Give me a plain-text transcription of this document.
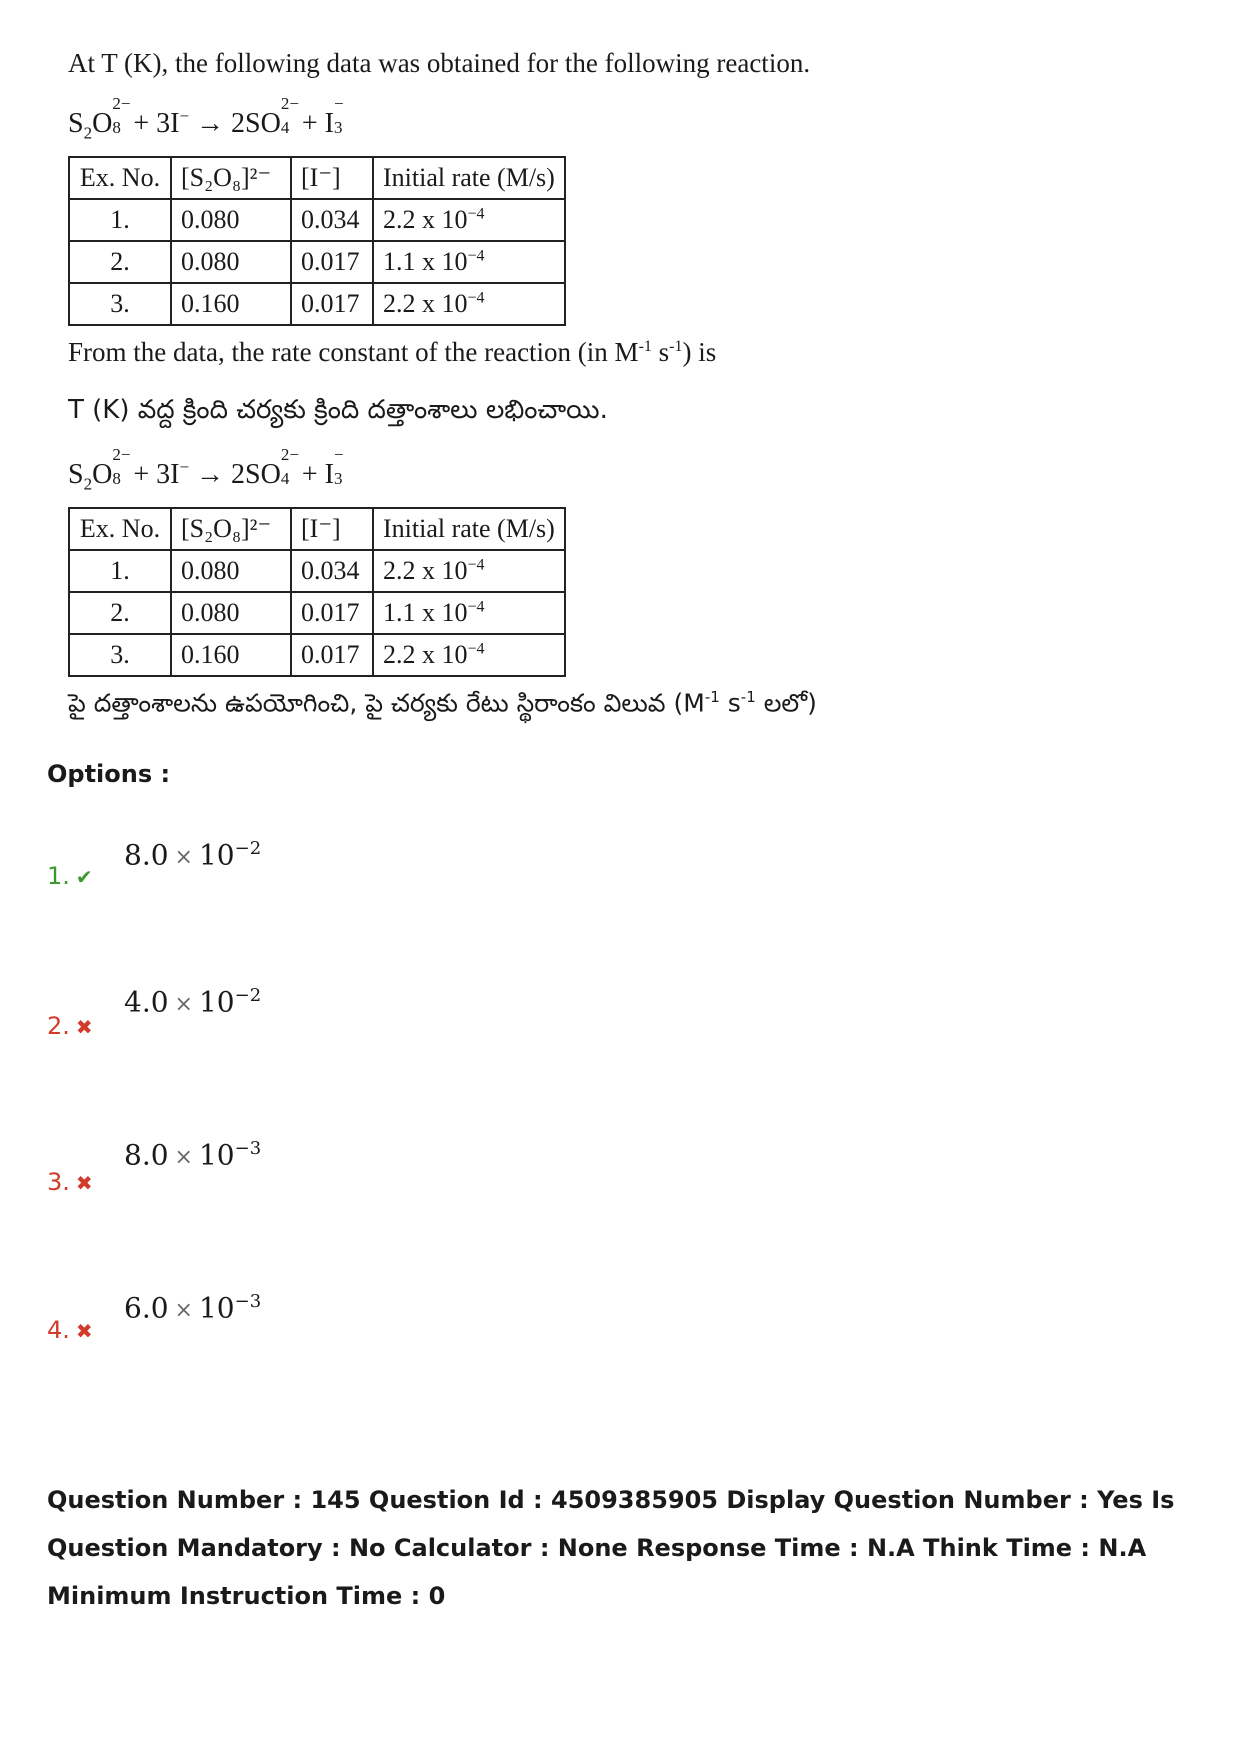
At T (K), the following data was obtained for the following reaction.
$S_2O$
2−
8 + 3I− → 2SO
2−
4 + I
−
3
Ex. No.	[S₂O₈]²⁻	[I⁻]	Initial rate (M/s)
1.	0.080	0.034	2.2 x $10^{-4}$
2.	0.080	0.017	1.1 x $10^{-4}$
3.	0.160	0.017	2.2 x $10^{-4}$
From the data, the rate constant of the reaction (in $M^{-1}$ $s^{-1}$) is
T (K) వద్ద క్రింది చర్యకు క్రింది దత్తాంశాలు లభించాయి.
$S_2O$
2−
8 + 3I− → 2SO
2−
4 + I
−
3
Ex. No.	[S₂O₈]²⁻	[I⁻]	Initial rate (M/s)
1.	0.080	0.034	2.2 x $10^{-4}$
2.	0.080	0.017	1.1 x $10^{-4}$
3.	0.160	0.017	2.2 x $10^{-4}$
పై దత్తాంశాలను ఉపయోగించి, పై చర్యకు రేటు స్థిరాంకం విలువ ($M^{-1}$ $s^{-1}$ లలో)
Options :
$8.0 \times 10^{-2}$
1. ✔
$4.0 \times 10^{-2}$
2. ✖
$8.0 \times 10^{-3}$
3. ✖
$6.0 \times 10^{-3}$
4. ✖
Question Number : 145 Question Id : 4509385905 Display Question Number : Yes Is Question Mandatory : No Calculator : None Response Time : N.A Think Time : N.A Minimum Instruction Time : 0
